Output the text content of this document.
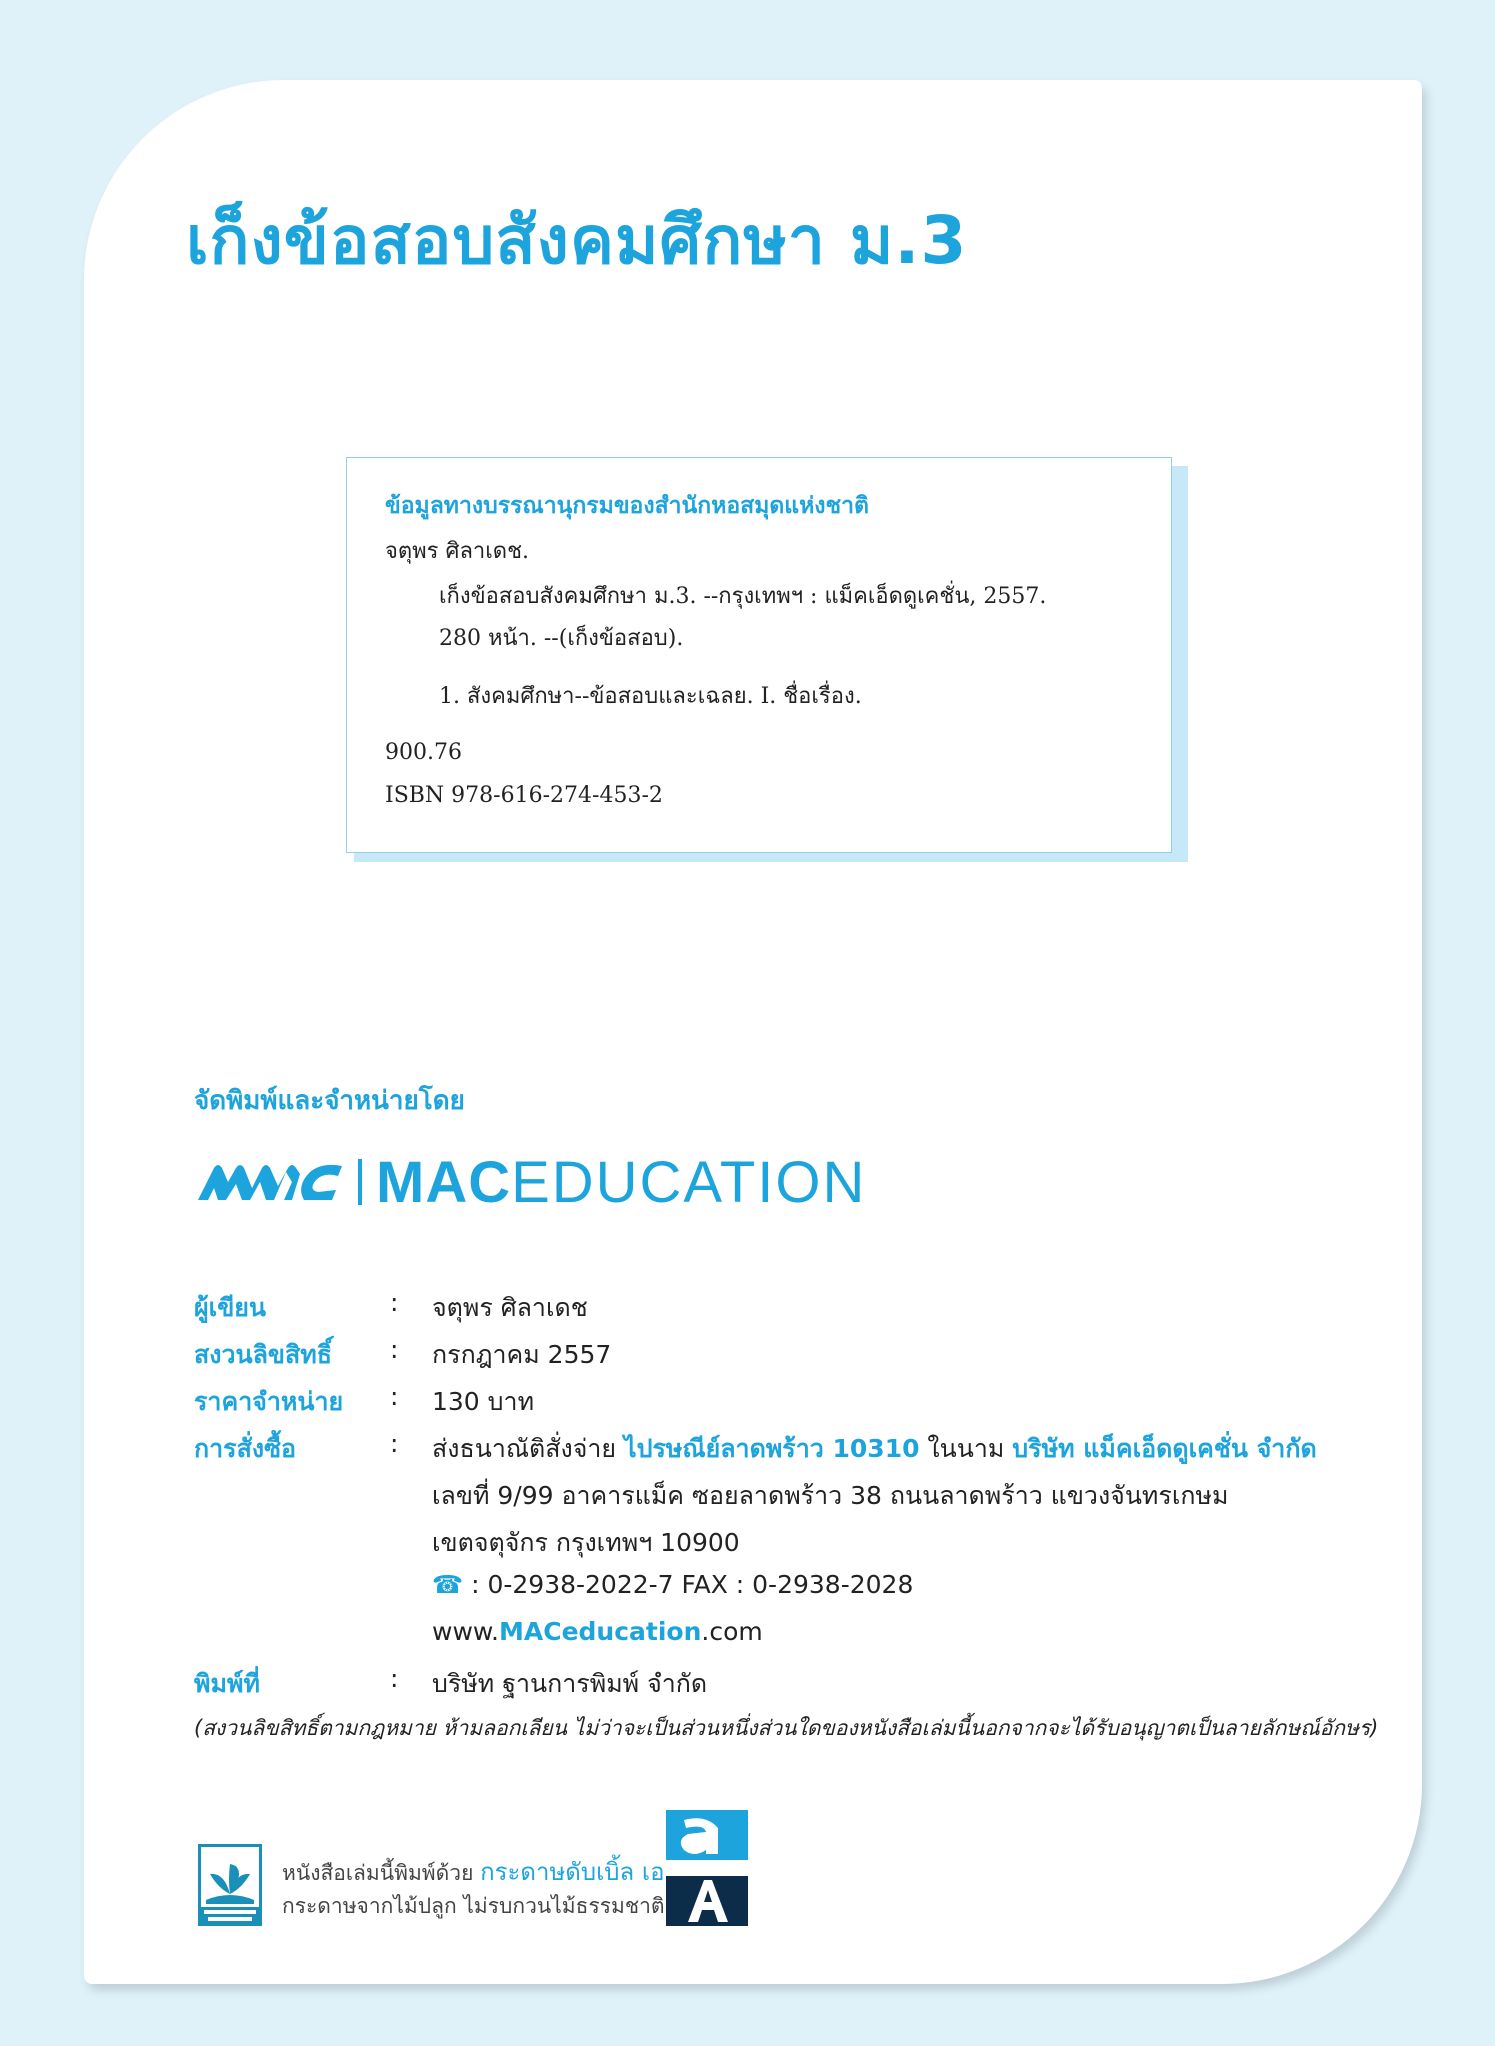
เก็งข้อสอบสังคมศึกษา ม.3
ข้อมูลทางบรรณานุกรมของสำนักหอสมุดแห่งชาติ
จตุพร ศิลาเดช.
เก็งข้อสอบสังคมศึกษา ม.3. --กรุงเทพฯ : แม็คเอ็ดดูเคชั่น, 2557.
280 หน้า. --(เก็งข้อสอบ).
1. สังคมศึกษา--ข้อสอบและเฉลย. I. ชื่อเรื่อง.
900.76
ISBN 978-616-274-453-2
จัดพิมพ์และจำหน่ายโดย
MAC EDUCATION
ผู้เขียน	: จตุพร ศิลาเดช
สงวนลิขสิทธิ์ : กรกฎาคม 2557
ราคาจำหน่าย : 130 บาท
การสั่งซื้อ	: ส่งธนาณัติสั่งจ่าย ไปรษณีย์ลาดพร้าว 10310 ในนาม บริษัท แม็คเอ็ดดูเคชั่น จำกัด
เลขที่ 9/99 อาคารแม็ค ซอยลาดพร้าว 38 ถนนลาดพร้าว แขวงจันทรเกษม
เขตจตุจักร กรุงเทพฯ 10900
☎ : 0-2938-2022-7 FAX : 0-2938-2028
www.MACeducation.com
พิมพ์ที่	: บริษัท ฐานการพิมพ์ จำกัด
(สงวนลิขสิทธิ์ตามกฎหมาย ห้ามลอกเลียน ไม่ว่าจะเป็นส่วนหนึ่งส่วนใดของหนังสือเล่มนี้นอกจากจะได้รับอนุญาตเป็นลายลักษณ์อักษร)
หนังสือเล่มนี้พิมพ์ด้วย กระดาษดับเบิ้ล เอ
กระดาษจากไม้ปลูก ไม่รบกวนไม้ธรรมชาติ
